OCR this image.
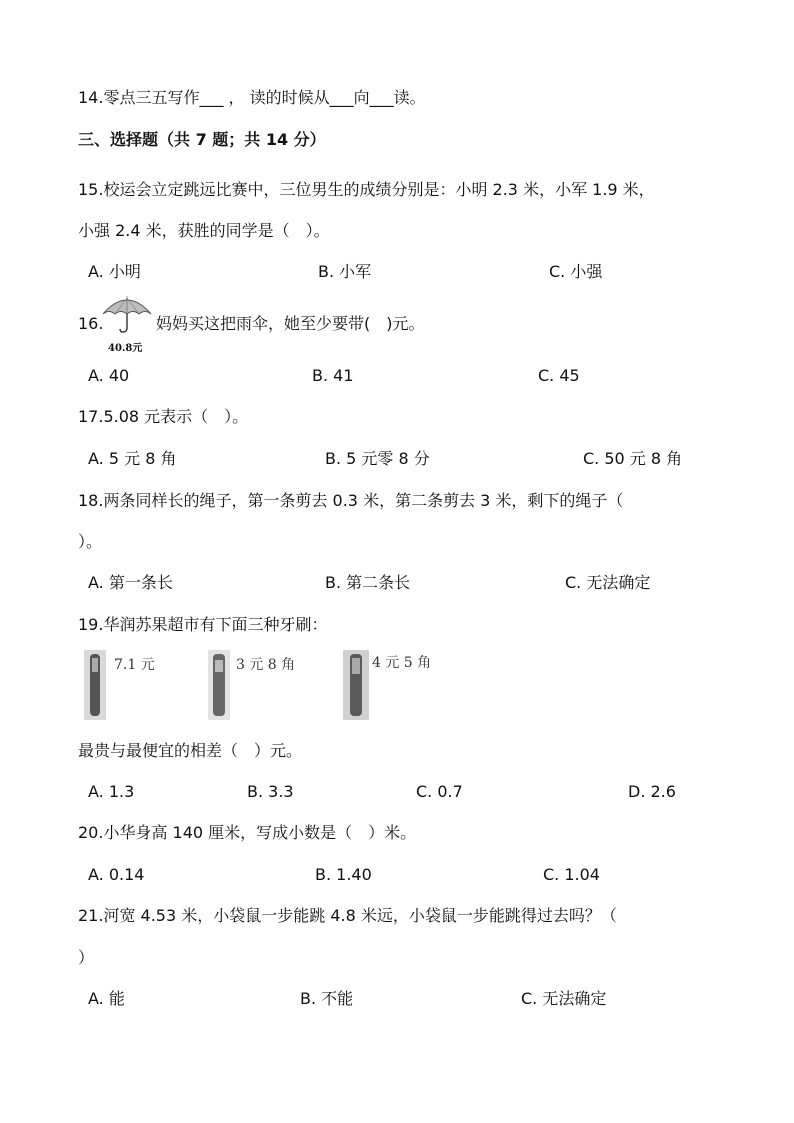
14.零点三五写作___ ， 读的时候从___向___读。
三、选择题（共 7 题；共 14 分）
15.校运会立定跳远比赛中，三位男生的成绩分别是：小明 2.3 米，小军 1.9 米，
小强 2.4 米，获胜的同学是（　）。
A. 小明	B. 小军	C. 小强
16.
40.8元
妈妈买这把雨伞，她至少要带(　)元。
A. 40	B. 41	C. 45
17.5.08 元表示（　）。
A. 5 元 8 角	B. 5 元零 8 分	C. 50 元 8 角
18.两条同样长的绳子，第一条剪去 0.3 米，第二条剪去 3 米，剩下的绳子（
）。
A. 第一条长	B. 第二条长	C. 无法确定
19.华润苏果超市有下面三种牙刷：
7.1 元	3 元 8 角	4 元 5 角
最贵与最便宜的相差（　）元。
A. 1.3	B. 3.3	C. 0.7	D. 2.6
20.小华身高 140 厘米，写成小数是（　）米。
A. 0.14	B. 1.40	C. 1.04
21.河宽 4.53 米，小袋鼠一步能跳 4.8 米远，小袋鼠一步能跳得过去吗？（
）
A. 能	B. 不能	C. 无法确定
